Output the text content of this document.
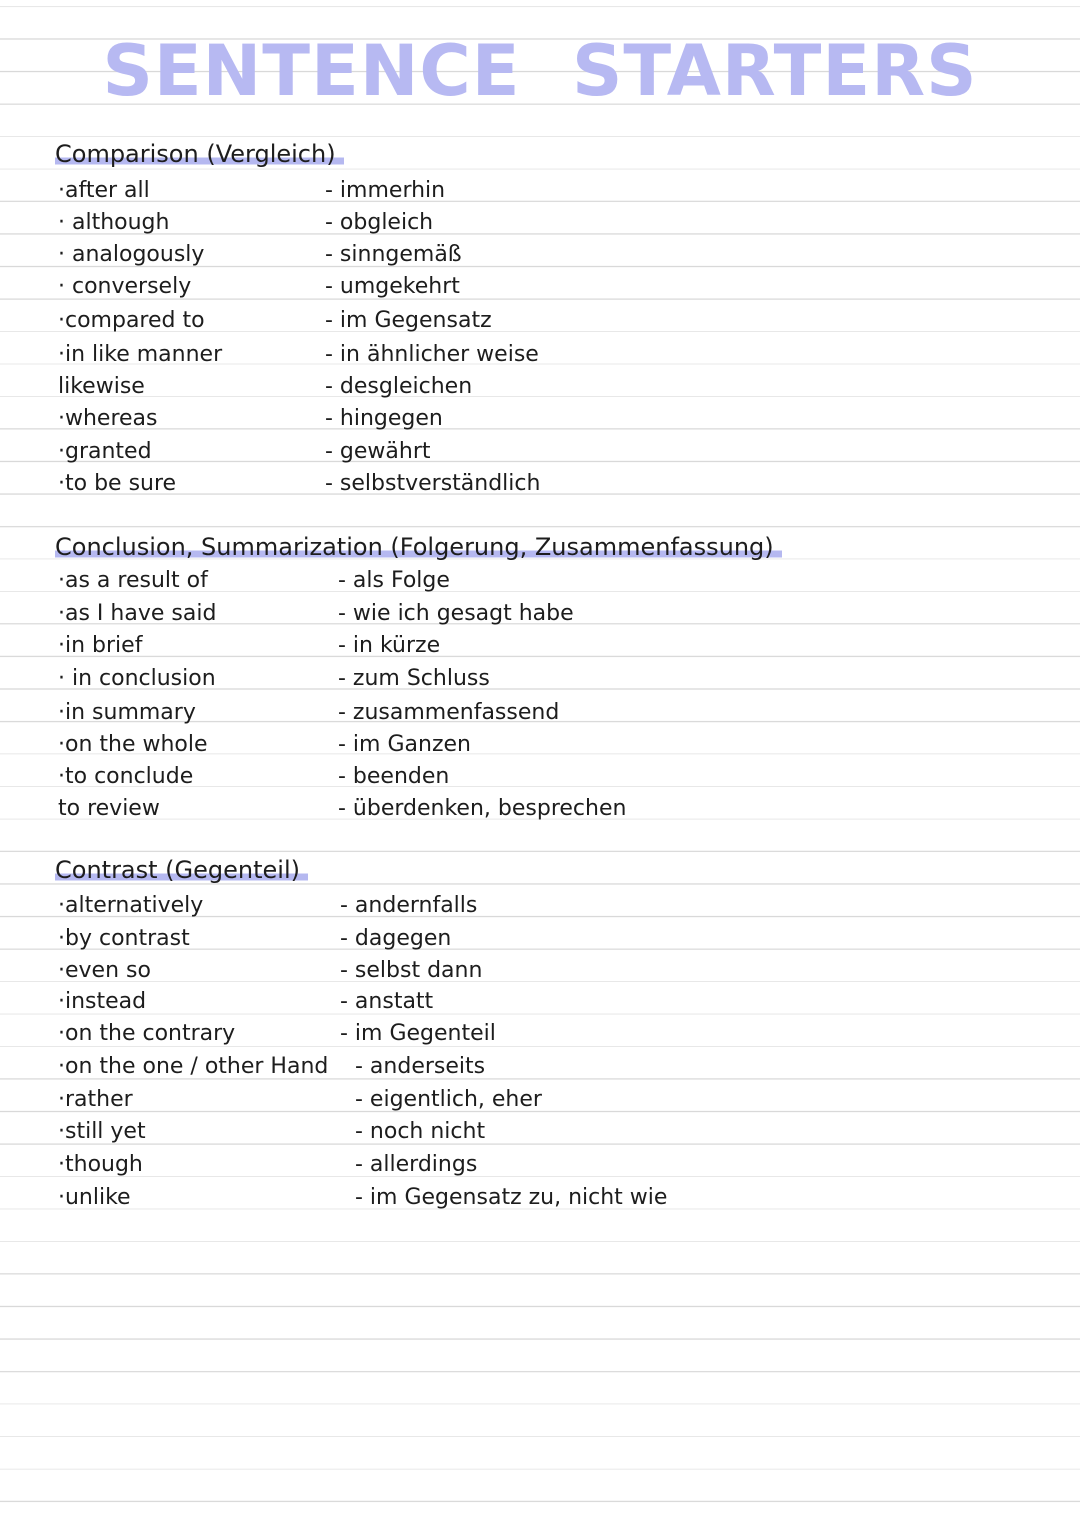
SENTENCE STARTERS
Comparison (Vergleich)
·after all	- immerhin
· although	- obgleich
· analogously	- sinngemäß
· conversely	- umgekehrt
·compared to	- im Gegensatz
·in like manner	- in ähnlicher weise
likewise	- desgleichen
·whereas	- hingegen
·granted	- gewährt
·to be sure	- selbstverständlich
Conclusion, Summarization (Folgerung, Zusammenfassung)
·as a result of	- als Folge
·as I have said	- wie ich gesagt habe
·in brief	- in kürze
· in conclusion	- zum Schluss
·in summary	- zusammenfassend
·on the whole	- im Ganzen
·to conclude	- beenden
to review	- überdenken, besprechen
Contrast (Gegenteil)
·alternatively	- andernfalls
·by contrast	- dagegen
·even so	- selbst dann
·instead	- anstatt
·on the contrary	- im Gegenteil
·on the one / other Hand - anderseits
·rather	- eigentlich, eher
·still yet	- noch nicht
·though	- allerdings
·unlike	- im Gegensatz zu, nicht wie
